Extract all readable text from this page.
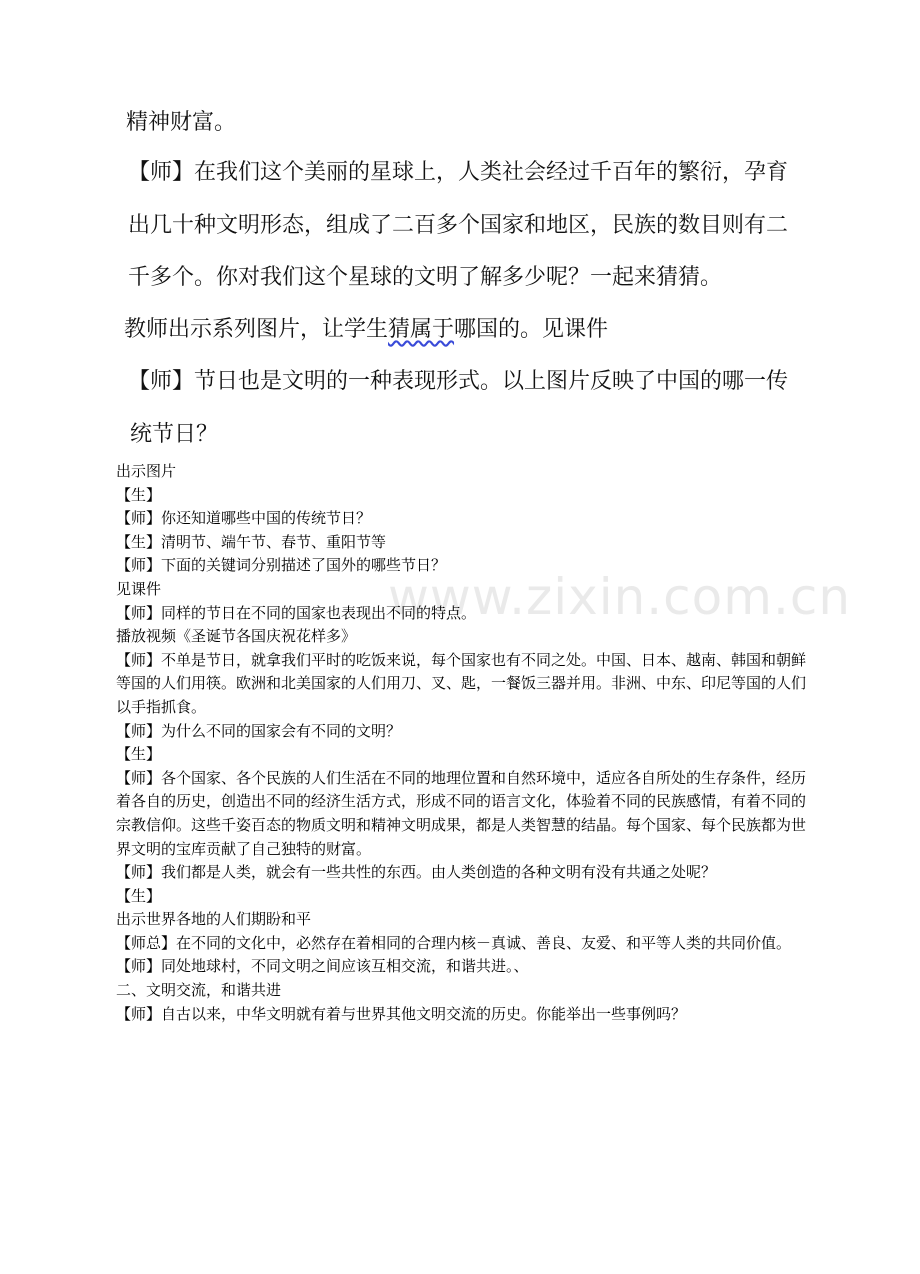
精神财富。
【师】在我们这个美丽的星球上，人类社会经过千百年的繁衍，孕育
出几十种文明形态，组成了二百多个国家和地区，民族的数目则有二
千多个。你对我们这个星球的文明了解多少呢？一起来猜猜。
教师出示系列图片，让学生猜属于哪国的。见课件
【师】节日也是文明的一种表现形式。以上图片反映了中国的哪一传
统节日？
www.zixin.com.cn

出示图片

【生】

【师】你还知道哪些中国的传统节日？

【生】清明节、端午节、春节、重阳节等

【师】下面的关键词分别描述了国外的哪些节日？

见课件

【师】同样的节日在不同的国家也表现出不同的特点。

播放视频《圣诞节各国庆祝花样多》

【师】不单是节日，就拿我们平时的吃饭来说，每个国家也有不同之处。中国、日本、越南、韩国和朝鲜等国的人们用筷。欧洲和北美国家的人们用刀、叉、匙，一餐饭三器并用。非洲、中东、印尼等国的人们以手指抓食。

【师】为什么不同的国家会有不同的文明？

【生】

【师】各个国家、各个民族的人们生活在不同的地理位置和自然环境中，适应各自所处的生存条件，经历着各自的历史，创造出不同的经济生活方式，形成不同的语言文化，体验着不同的民族感情，有着不同的宗教信仰。这些千姿百态的物质文明和精神文明成果，都是人类智慧的结晶。每个国家、每个民族都为世界文明的宝库贡献了自己独特的财富。

【师】我们都是人类，就会有一些共性的东西。由人类创造的各种文明有没有共通之处呢？

【生】

出示世界各地的人们期盼和平

【师总】在不同的文化中，必然存在着相同的合理内核－真诚、善良、友爱、和平等人类的共同价值。

【师】同处地球村，不同文明之间应该互相交流，和谐共进。、

二、文明交流，和谐共进

【师】自古以来，中华文明就有着与世界其他文明交流的历史。你能举出一些事例吗？
